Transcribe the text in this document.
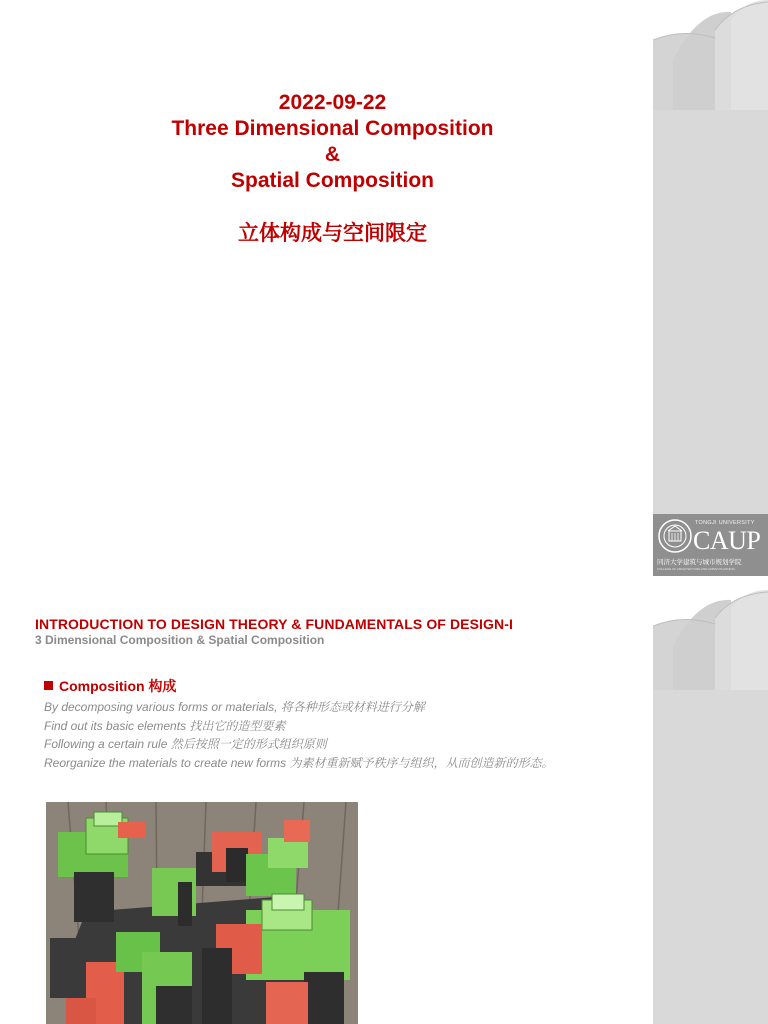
2022-09-22

Three Dimensional Composition

&

Spatial Composition

立体构成与空间限定

TONGJI UNIVERSITY
CAUP
同济大学建筑与城市规划学院
COLLEGE OF ARCHITECTURE AND URBAN PLANNING
INTRODUCTION TO DESIGN THEORY & FUNDAMENTALS OF DESIGN-I
3 Dimensional Composition & Spatial Composition
Composition 构成
By decomposing various forms or materials, 将各种形态或材料进行分解
Find out its basic elements 找出它的造型要素
Following a certain rule 然后按照一定的形式组织原则
Reorganize the materials to create new forms 为素材重新赋予秩序与组织，从而创造新的形态。
